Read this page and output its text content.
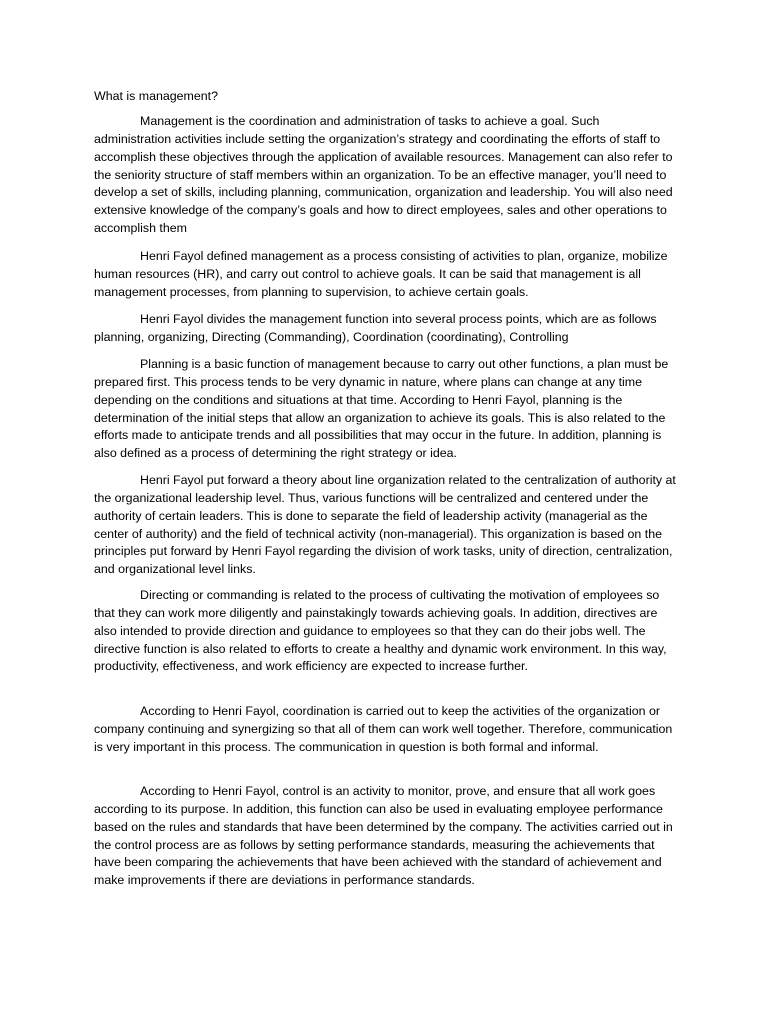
What is management?

Management is the coordination and administration of tasks to achieve a goal. Such administration activities include setting the organization’s strategy and coordinating the efforts of staff to accomplish these objectives through the application of available resources. Management can also refer to the seniority structure of staff members within an organization. To be an effective manager, you’ll need to develop a set of skills, including planning, communication, organization and leadership. You will also need extensive knowledge of the company’s goals and how to direct employees, sales and other operations to accomplish them

Henri Fayol defined management as a process consisting of activities to plan, organize, mobilize human resources (HR), and carry out control to achieve goals. It can be said that management is all management processes, from planning to supervision, to achieve certain goals.

Henri Fayol divides the management function into several process points, which are as follows planning, organizing, Directing (Commanding), Coordination (coordinating), Controlling

Planning is a basic function of management because to carry out other functions, a plan must be prepared first. This process tends to be very dynamic in nature, where plans can change at any time depending on the conditions and situations at that time. According to Henri Fayol, planning is the determination of the initial steps that allow an organization to achieve its goals. This is also related to the efforts made to anticipate trends and all possibilities that may occur in the future. In addition, planning is also defined as a process of determining the right strategy or idea.

Henri Fayol put forward a theory about line organization related to the centralization of authority at the organizational leadership level. Thus, various functions will be centralized and centered under the authority of certain leaders. This is done to separate the field of leadership activity (managerial as the center of authority) and the field of technical activity (non-managerial). This organization is based on the principles put forward by Henri Fayol regarding the division of work tasks, unity of direction, centralization, and organizational level links.

Directing or commanding is related to the process of cultivating the motivation of employees so that they can work more diligently and painstakingly towards achieving goals. In addition, directives are also intended to provide direction and guidance to employees so that they can do their jobs well. The directive function is also related to efforts to create a healthy and dynamic work environment. In this way, productivity, effectiveness, and work efficiency are expected to increase further.

According to Henri Fayol, coordination is carried out to keep the activities of the organization or company continuing and synergizing so that all of them can work well together. Therefore, communication is very important in this process. The communication in question is both formal and informal.

According to Henri Fayol, control is an activity to monitor, prove, and ensure that all work goes according to its purpose. In addition, this function can also be used in evaluating employee performance based on the rules and standards that have been determined by the company. The activities carried out in the control process are as follows by setting performance standards, measuring the achievements that have been comparing the achievements that have been achieved with the standard of achievement and make improvements if there are deviations in performance standards.
